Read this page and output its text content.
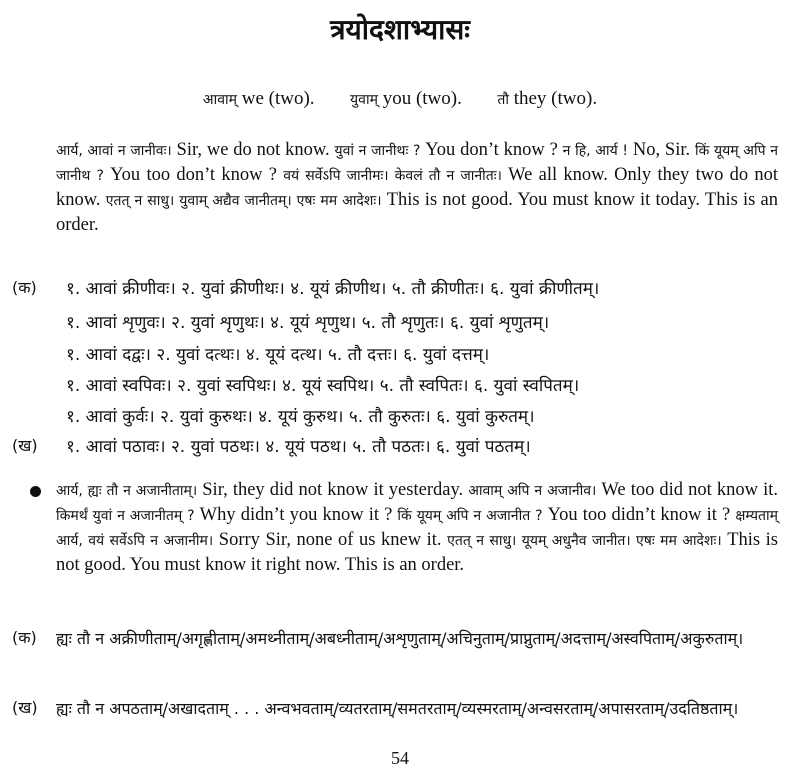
त्रयोदशाभ्यासः
आवाम् we (two).	युवाम् you (two).	तौ they (two).
आर्य, आवां न जानीवः। Sir, we do not know. युवां न जानीथः ? You don’t know ? न हि, आर्य ! No, Sir. किं यूयम् अपि न जानीथ ? You too don’t know ? वयं सर्वेऽपि जानीमः। केवलं तौ न जानीतः। We all know. Only they two do not know. एतत् न साधु। युवाम् अद्यैव जानीतम्। एषः मम आदेशः। This is not good. You must know it today. This is an order.
(क) १. आवां क्रीणीवः। २. युवां क्रीणीथः। ४. यूयं क्रीणीथ। ५. तौ क्रीणीतः। ६. युवां क्रीणीतम्।
१. आवां शृणुवः। २. युवां शृणुथः। ४. यूयं शृणुथ। ५. तौ शृणुतः। ६. युवां शृणुतम्।
१. आवां दद्वः। २. युवां दत्थः। ४. यूयं दत्थ। ५. तौ दत्तः। ६. युवां दत्तम्।
१. आवां स्वपिवः। २. युवां स्वपिथः। ४. यूयं स्वपिथ। ५. तौ स्वपितः। ६. युवां स्वपितम्।
१. आवां कुर्वः। २. युवां कुरुथः। ४. यूयं कुरुथ। ५. तौ कुरुतः। ६. युवां कुरुतम्।
(ख) १. आवां पठावः। २. युवां पठथः। ४. यूयं पठथ। ५. तौ पठतः। ६. युवां पठतम्।
आर्य, ह्यः तौ न अजानीताम्। Sir, they did not know it yesterday. आवाम् अपि न अजानीव। We too did not know it. किमर्थं युवां न अजानीतम् ? Why didn’t you know it ? किं यूयम् अपि न अजानीत ? You too didn’t know it ? क्षम्यताम् आर्य, वयं सर्वेऽपि न अजानीम। Sorry Sir, none of us knew it. एतत् न साधु। यूयम् अधुनैव जानीत। एषः मम आदेशः। This is not good. You must know it right now. This is an order.
(क) ह्यः तौ न अक्रीणीताम्/अगृह्णीताम्/अमथ्नीताम्/अबध्नीताम्/अशृणुताम्/अचिनुताम्/प्राप्नुताम्/अदत्ताम्/अस्वपिताम्/अकुरुताम्।
(ख) ह्यः तौ न अपठताम्/अखादताम् . . . अन्वभवताम्/व्यतरताम्/समतरताम्/व्यस्मरताम्/अन्वसरताम्/अपासरताम्/उदतिष्ठताम्।
54
